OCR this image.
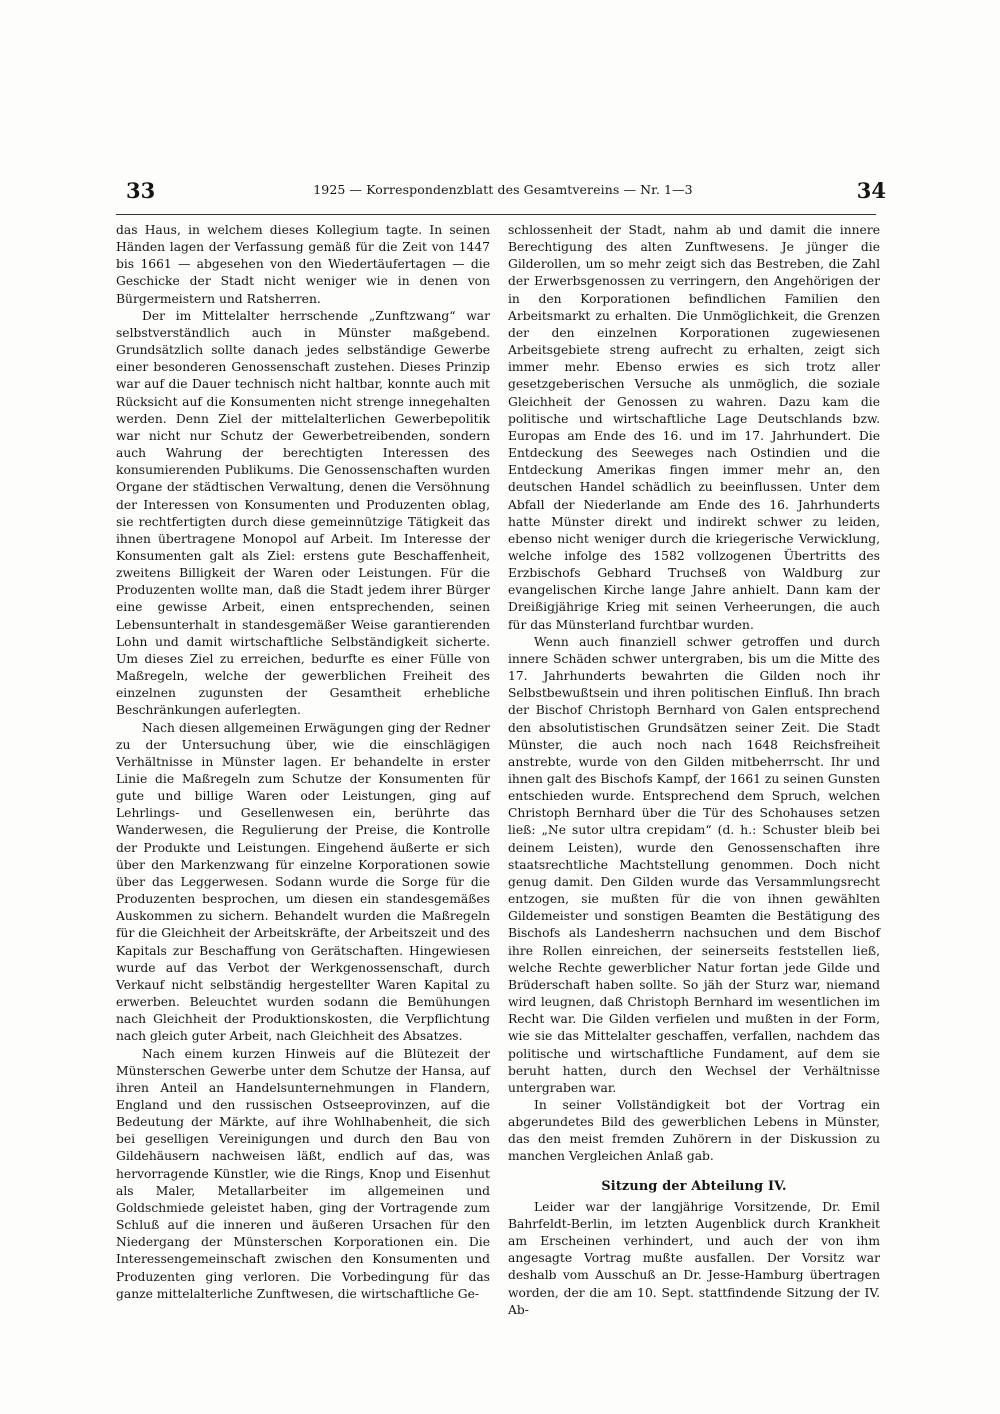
33	1925 — Korrespondenzblatt des Gesamtvereins — Nr. 1—3	34

das Haus, in welchem dieses Kollegium tagte. In seinen Händen lagen der Verfassung gemäß für die Zeit von 1447 bis 1661 — abgesehen von den Wiedertäufertagen — die Geschicke der Stadt nicht weniger wie in denen von Bürgermeistern und Ratsherren.

Der im Mittelalter herrschende „Zunftzwang“ war selbstverständlich auch in Münster maßgebend. Grundsätzlich sollte danach jedes selbständige Gewerbe einer besonderen Genossenschaft zustehen. Dieses Prinzip war auf die Dauer technisch nicht haltbar, konnte auch mit Rücksicht auf die Konsumenten nicht strenge innegehalten werden. Denn Ziel der mittelalterlichen Gewerbepolitik war nicht nur Schutz der Gewerbetreibenden, sondern auch Wahrung der berechtigten Interessen des konsumierenden Publikums. Die Genossenschaften wurden Organe der städtischen Verwaltung, denen die Versöhnung der Interessen von Konsumenten und Produzenten oblag, sie rechtfertigten durch diese gemeinnützige Tätigkeit das ihnen übertragene Monopol auf Arbeit. Im Interesse der Konsumenten galt als Ziel: erstens gute Beschaffenheit, zweitens Billigkeit der Waren oder Leistungen. Für die Produzenten wollte man, daß die Stadt jedem ihrer Bürger eine gewisse Arbeit, einen entsprechenden, seinen Lebensunterhalt in standesgemäßer Weise garantierenden Lohn und damit wirtschaftliche Selbständigkeit sicherte. Um dieses Ziel zu erreichen, bedurfte es einer Fülle von Maßregeln, welche der gewerblichen Freiheit des einzelnen zugunsten der Gesamtheit erhebliche Beschränkungen auferlegten.

Nach diesen allgemeinen Erwägungen ging der Redner zu der Untersuchung über, wie die einschlägigen Verhältnisse in Münster lagen. Er behandelte in erster Linie die Maßregeln zum Schutze der Konsumenten für gute und billige Waren oder Leistungen, ging auf Lehrlings- und Gesellenwesen ein, berührte das Wanderwesen, die Regulierung der Preise, die Kontrolle der Produkte und Leistungen. Eingehend äußerte er sich über den Markenzwang für einzelne Korporationen sowie über das Leggerwesen. Sodann wurde die Sorge für die Produzenten besprochen, um diesen ein standesgemäßes Auskommen zu sichern. Behandelt wurden die Maßregeln für die Gleichheit der Arbeitskräfte, der Arbeitszeit und des Kapitals zur Beschaffung von Gerätschaften. Hingewiesen wurde auf das Verbot der Werkgenossenschaft, durch Verkauf nicht selbständig hergestellter Waren Kapital zu erwerben. Beleuchtet wurden sodann die Bemühungen nach Gleichheit der Produktionskosten, die Verpflichtung nach gleich guter Arbeit, nach Gleichheit des Absatzes.

Nach einem kurzen Hinweis auf die Blütezeit der Münsterschen Gewerbe unter dem Schutze der Hansa, auf ihren Anteil an Handelsunternehmungen in Flandern, England und den russischen Ostseeprovinzen, auf die Bedeutung der Märkte, auf ihre Wohlhabenheit, die sich bei geselligen Vereinigungen und durch den Bau von Gildehäusern nachweisen läßt, endlich auf das, was hervorragende Künstler, wie die Rings, Knop und Eisenhut als Maler, Metallarbeiter im allgemeinen und Goldschmiede geleistet haben, ging der Vortragende zum Schluß auf die inneren und äußeren Ursachen für den Niedergang der Münsterschen Korporationen ein. Die Interessengemeinschaft zwischen den Konsumenten und Produzenten ging verloren. Die Vorbedingung für das ganze mittelalterliche Zunftwesen, die wirtschaftliche Ge-

schlossenheit der Stadt, nahm ab und damit die innere Berechtigung des alten Zunftwesens. Je jünger die Gilderollen, um so mehr zeigt sich das Bestreben, die Zahl der Erwerbsgenossen zu verringern, den Angehörigen der in den Korporationen befindlichen Familien den Arbeitsmarkt zu erhalten. Die Unmöglichkeit, die Grenzen der den einzelnen Korporationen zugewiesenen Arbeitsgebiete streng aufrecht zu erhalten, zeigt sich immer mehr. Ebenso erwies es sich trotz aller gesetzgeberischen Versuche als unmöglich, die soziale Gleichheit der Genossen zu wahren. Dazu kam die politische und wirtschaftliche Lage Deutschlands bzw. Europas am Ende des 16. und im 17. Jahrhundert. Die Entdeckung des Seeweges nach Ostindien und die Entdeckung Amerikas fingen immer mehr an, den deutschen Handel schädlich zu beeinflussen. Unter dem Abfall der Niederlande am Ende des 16. Jahrhunderts hatte Münster direkt und indirekt schwer zu leiden, ebenso nicht weniger durch die kriegerische Verwicklung, welche infolge des 1582 vollzogenen Übertritts des Erzbischofs Gebhard Truchseß von Waldburg zur evangelischen Kirche lange Jahre anhielt. Dann kam der Dreißigjährige Krieg mit seinen Verheerungen, die auch für das Münsterland furchtbar wurden.

Wenn auch finanziell schwer getroffen und durch innere Schäden schwer untergraben, bis um die Mitte des 17. Jahrhunderts bewahrten die Gilden noch ihr Selbstbewußtsein und ihren politischen Einfluß. Ihn brach der Bischof Christoph Bernhard von Galen entsprechend den absolutistischen Grundsätzen seiner Zeit. Die Stadt Münster, die auch noch nach 1648 Reichsfreiheit anstrebte, wurde von den Gilden mitbeherrscht. Ihr und ihnen galt des Bischofs Kampf, der 1661 zu seinen Gunsten entschieden wurde. Entsprechend dem Spruch, welchen Christoph Bernhard über die Tür des Schohauses setzen ließ: „Ne sutor ultra crepidam“ (d. h.: Schuster bleib bei deinem Leisten), wurde den Genossenschaften ihre staatsrechtliche Machtstellung genommen. Doch nicht genug damit. Den Gilden wurde das Versammlungsrecht entzogen, sie mußten für die von ihnen gewählten Gildemeister und sonstigen Beamten die Bestätigung des Bischofs als Landesherrn nachsuchen und dem Bischof ihre Rollen einreichen, der seinerseits feststellen ließ, welche Rechte gewerblicher Natur fortan jede Gilde und Brüderschaft haben sollte. So jäh der Sturz war, niemand wird leugnen, daß Christoph Bernhard im wesentlichen im Recht war. Die Gilden verfielen und mußten in der Form, wie sie das Mittelalter geschaffen, verfallen, nachdem das politische und wirtschaftliche Fundament, auf dem sie beruht hatten, durch den Wechsel der Verhältnisse untergraben war.

In seiner Vollständigkeit bot der Vortrag ein abgerundetes Bild des gewerblichen Lebens in Münster, das den meist fremden Zuhörern in der Diskussion zu manchen Vergleichen Anlaß gab.

Sitzung der Abteilung IV.

Leider war der langjährige Vorsitzende, Dr. Emil Bahrfeldt-Berlin, im letzten Augenblick durch Krankheit am Erscheinen verhindert, und auch der von ihm angesagte Vortrag mußte ausfallen. Der Vorsitz war deshalb vom Ausschuß an Dr. Jesse-Hamburg übertragen worden, der die am 10. Sept. stattfindende Sitzung der IV. Ab-
